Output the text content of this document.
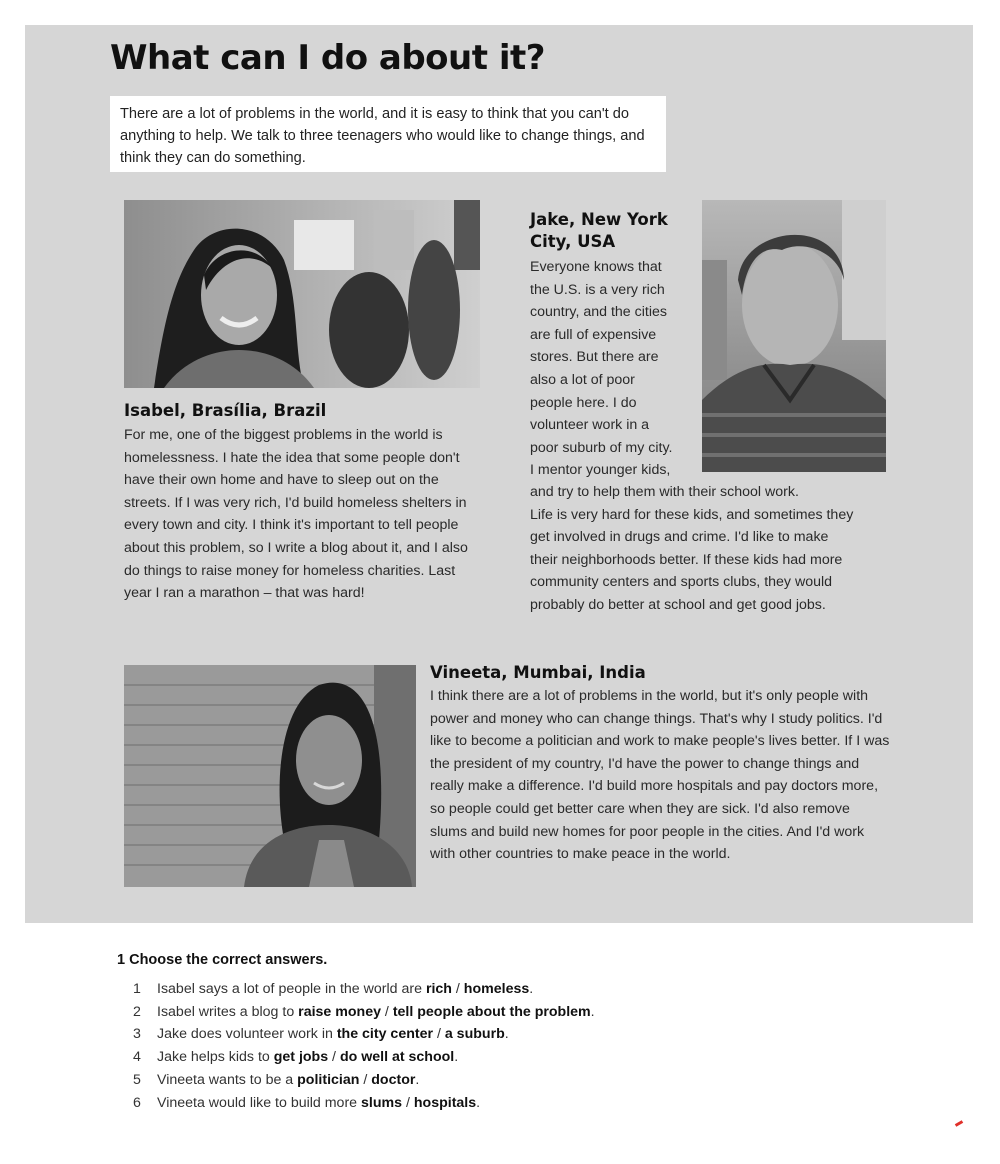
What can I do about it?
There are a lot of problems in the world, and it is easy to think that you can't do anything to help. We talk to three teenagers who would like to change things, and think they can do something.
Isabel, Brasília, Brazil

For me, one of the biggest problems in the world is homelessness. I hate the idea that some people don't have their own home and have to sleep out on the streets. If I was very rich, I'd build homeless shelters in every town and city. I think it's important to tell people about this problem, so I write a blog about it, and I also do things to raise money for homeless charities. Last year I ran a marathon – that was hard!

Jake, New York
City, USA
Everyone knows that
the U.S. is a very rich
country, and the cities
are full of expensive
stores. But there are
also a lot of poor
people here. I do
volunteer work in a
poor suburb of my city.
I mentor younger kids,
and try to help them with their school work.
Life is very hard for these kids, and sometimes they
get involved in drugs and crime. I'd like to make
their neighborhoods better. If these kids had more
community centers and sports clubs, they would
probably do better at school and get good jobs.
Vineeta, Mumbai, India

I think there are a lot of problems in the world, but it's only people with power and money who can change things. That's why I study politics. I'd like to become a politician and work to make people's lives better. If I was the president of my country, I'd have the power to change things and really make a difference. I'd build more hospitals and pay doctors more, so people could get better care when they are sick. I'd also remove slums and build new homes for poor people in the cities. And I'd work with other countries to make peace in the world.

1 Choose the correct answers.
1 Isabel says a lot of people in the world are rich / homeless.
2 Isabel writes a blog to raise money / tell people about the problem.
3 Jake does volunteer work in the city center / a suburb.
4 Jake helps kids to get jobs / do well at school.
5 Vineeta wants to be a politician / doctor.
6 Vineeta would like to build more slums / hospitals.
